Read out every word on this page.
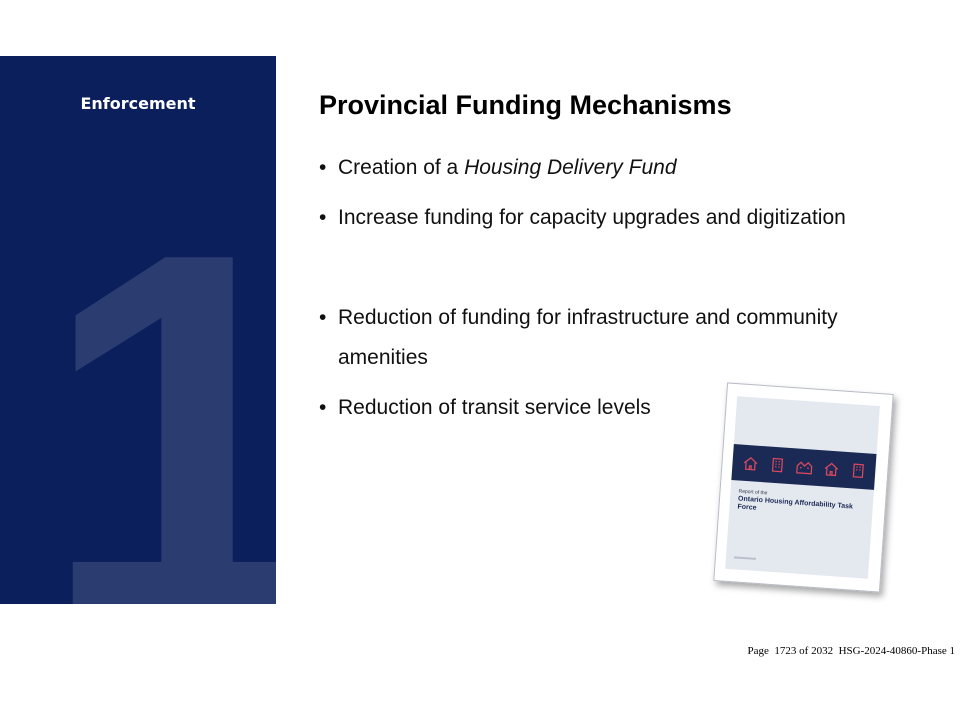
1
Enforcement	Provincial Funding Mechanisms
• Creation of a Housing Delivery Fund
• Increase funding for capacity upgrades and digitization
• Reduction of funding for infrastructure and community amenities
• Reduction of transit service levels
Report of the
Ontario Housing Affordability Task Force
Page 1723 of 2032 HSG-2024-40860-Phase 1
